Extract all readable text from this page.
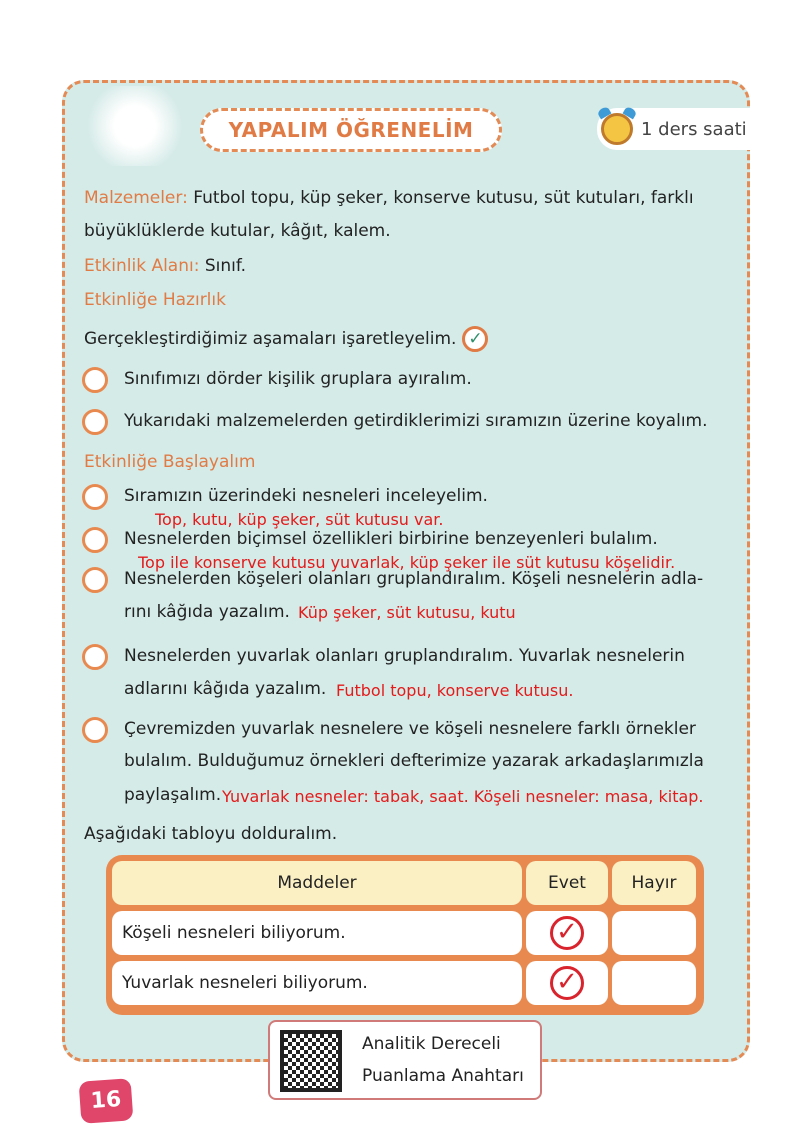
YAPALIM ÖĞRENELİM	1 ders saati
Malzemeler: Futbol topu, küp şeker, konserve kutusu, süt kutuları, farklı
büyüklüklerde kutular, kâğıt, kalem.
Etkinlik Alanı: Sınıf.
Etkinliğe Hazırlık
Gerçekleştirdiğimiz aşamaları işaretleyelim. ✓
Sınıfımızı dörder kişilik gruplara ayıralım.
Yukarıdaki malzemelerden getirdiklerimizi sıramızın üzerine koyalım.
Etkinliğe Başlayalım
Sıramızın üzerindeki nesneleri inceleyelim.
Top, kutu, küp şeker, süt kutusu var.
Nesnelerden biçimsel özellikleri birbirine benzeyenleri bulalım.
Top ile konserve kutusu yuvarlak, küp şeker ile süt kutusu köşelidir.
Nesnelerden köşeleri olanları gruplandıralım. Köşeli nesnelerin adla-
rını kâğıda yazalım. Küp şeker, süt kutusu, kutu
Nesnelerden yuvarlak olanları gruplandıralım. Yuvarlak nesnelerin
adlarını kâğıda yazalım. Futbol topu, konserve kutusu.
Çevremizden yuvarlak nesnelere ve köşeli nesnelere farklı örnekler
bulalım. Bulduğumuz örnekleri defterimize yazarak arkadaşlarımızla
paylaşalım. Yuvarlak nesneler: tabak, saat. Köşeli nesneler: masa, kitap.
Aşağıdaki tabloyu dolduralım.
Maddeler	Evet	Hayır
Köşeli nesneleri biliyorum.	✓
Yuvarlak nesneleri biliyorum.	✓
Analitik Dereceli
Puanlama Anahtarı
16
